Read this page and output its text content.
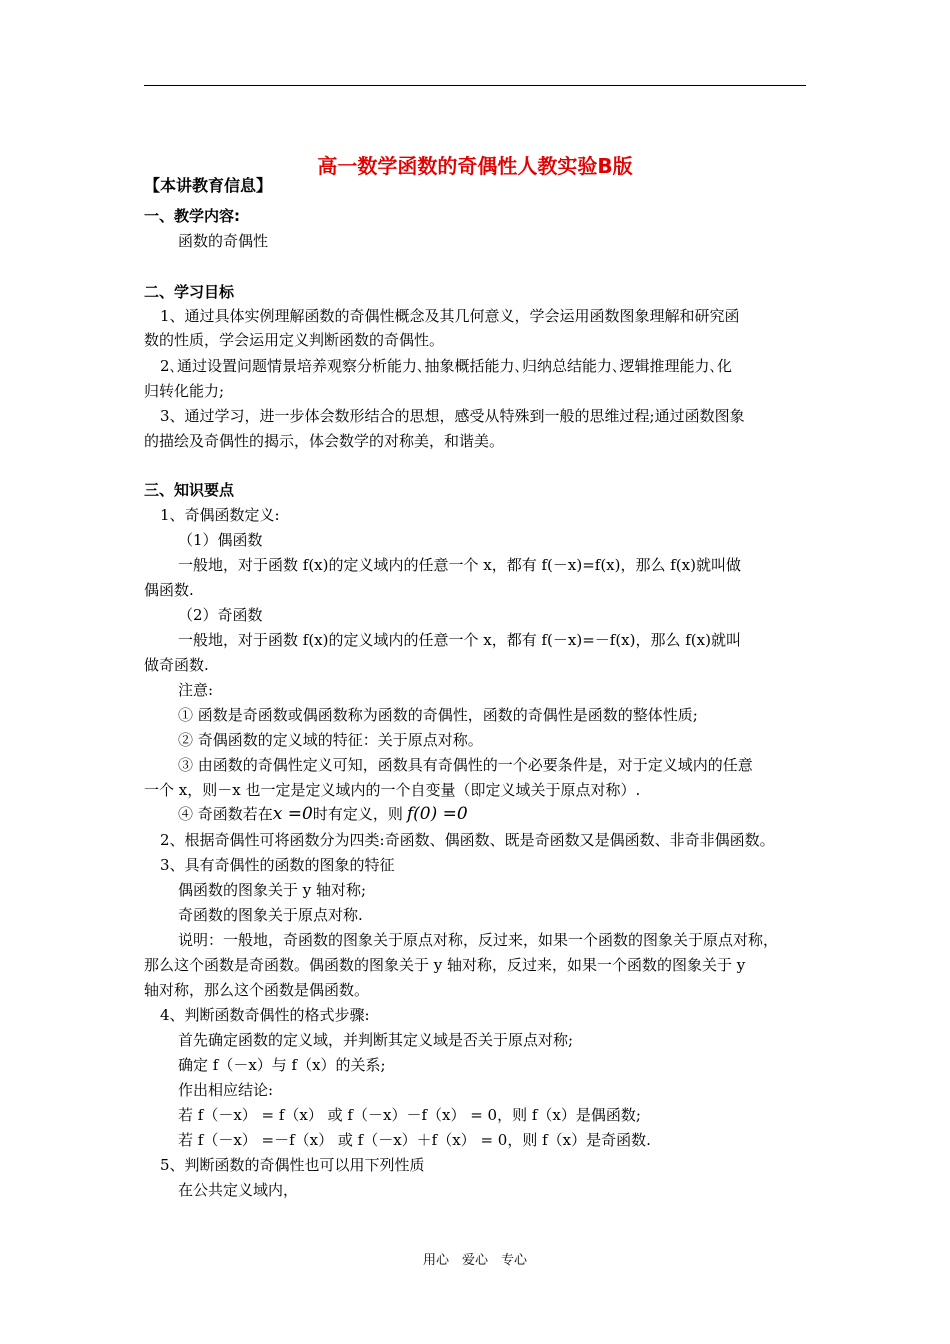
高一数学函数的奇偶性人教实验B版
【本讲教育信息】
一、教学内容:
函数的奇偶性
二、学习目标
1、通过具体实例理解函数的奇偶性概念及其几何意义，学会运用函数图象理解和研究函
数的性质，学会运用定义判断函数的奇偶性。
2､通过设置问题情景培养观察分析能力､抽象概括能力､归纳总结能力､逻辑推理能力､化
归转化能力;
3、通过学习，进一步体会数形结合的思想，感受从特殊到一般的思维过程;通过函数图象
的描绘及奇偶性的揭示，体会数学的对称美，和谐美。
三、知识要点
1、奇偶函数定义:
（1）偶函数
一般地，对于函数 f(x)的定义域内的任意一个 x，都有 f(－x)=f(x)，那么 f(x)就叫做
偶函数.
（2）奇函数
一般地，对于函数 f(x)的定义域内的任意一个 x，都有 f(－x)=－f(x)，那么 f(x)就叫
做奇函数.
注意:
① 函数是奇函数或偶函数称为函数的奇偶性，函数的奇偶性是函数的整体性质;
② 奇偶函数的定义域的特征：关于原点对称。
③ 由函数的奇偶性定义可知，函数具有奇偶性的一个必要条件是，对于定义域内的任意
一个 x，则－x 也一定是定义域内的一个自变量（即定义域关于原点对称）.
④ 奇函数若在x =0时有定义，则 f(0) =0
2、根据奇偶性可将函数分为四类:奇函数、偶函数、既是奇函数又是偶函数、非奇非偶函数。
3、具有奇偶性的函数的图象的特征
偶函数的图象关于 y 轴对称;
奇函数的图象关于原点对称.
说明：一般地，奇函数的图象关于原点对称，反过来，如果一个函数的图象关于原点对称，
那么这个函数是奇函数。偶函数的图象关于 y 轴对称，反过来，如果一个函数的图象关于 y
轴对称，那么这个函数是偶函数。
4、判断函数奇偶性的格式步骤:
首先确定函数的定义域，并判断其定义域是否关于原点对称;
确定 f（－x）与 f（x）的关系;
作出相应结论:
若 f（－x） = f（x） 或 f（－x）－f（x） = 0，则 f（x）是偶函数;
若 f（－x） =－f（x） 或 f（－x）＋f（x） = 0，则 f（x）是奇函数.
5、判断函数的奇偶性也可以用下列性质
在公共定义域内，
用心　爱心　专心
